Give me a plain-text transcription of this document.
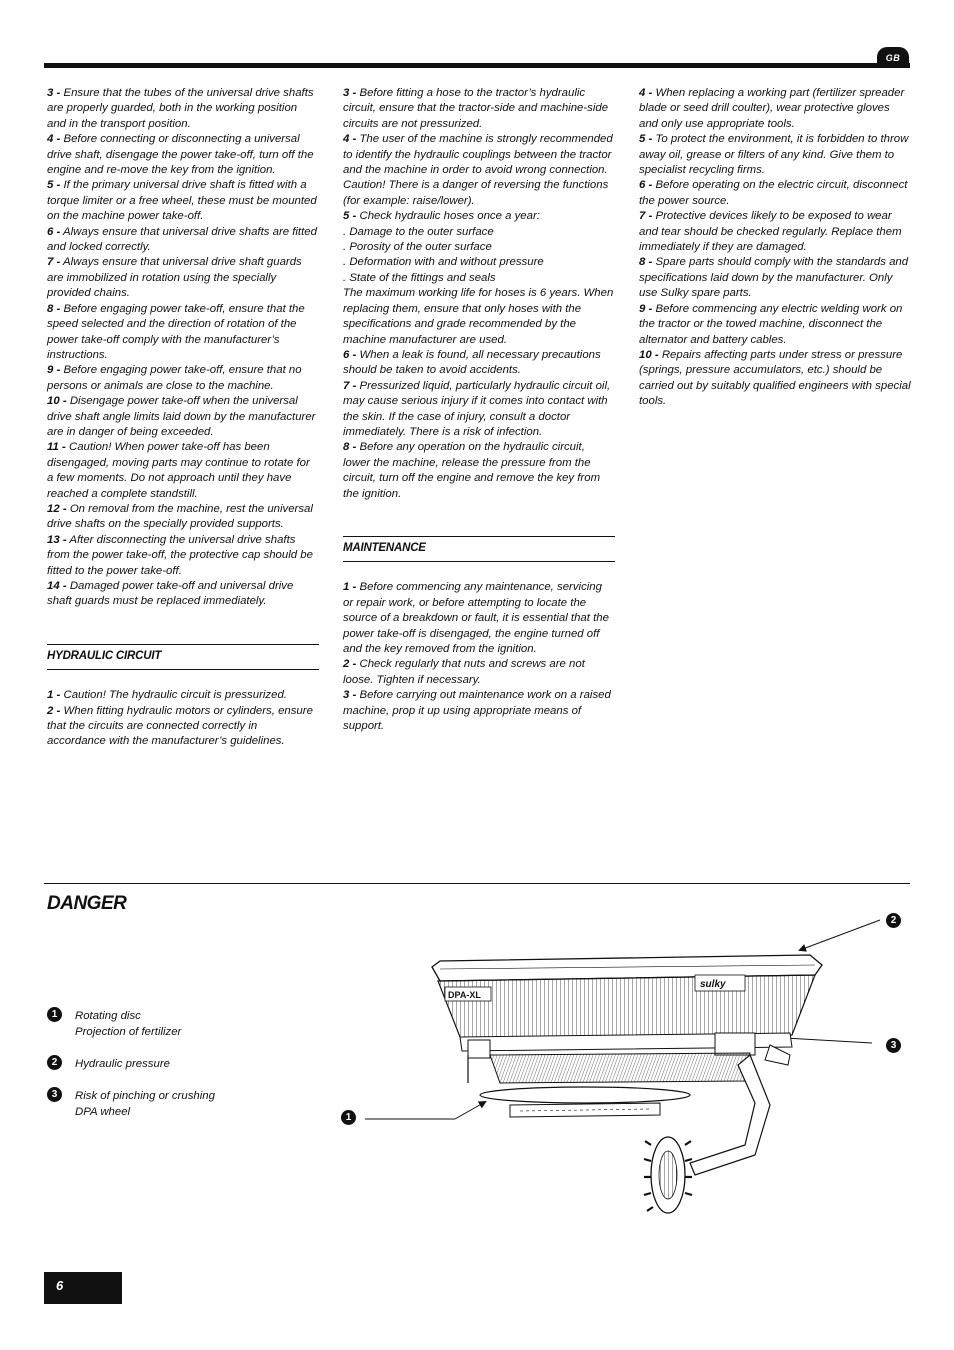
GB

3 - Ensure that the tubes of the universal drive shafts are properly guarded, both in the working position and in the transport position.

4 - Before connecting or disconnecting a universal drive shaft, disengage the power take-off, turn off the engine and re-move the key from the ignition.

5 - If the primary universal drive shaft is fitted with a torque limiter or a free wheel, these must be mounted on the machine power take-off.

6 - Always ensure that universal drive shafts are fitted and locked correctly.

7 - Always ensure that universal drive shaft guards are immobilized in rotation using the specially provided chains.

8 - Before engaging power take-off, ensure that the speed selected and the direction of rotation of the power take-off comply with the manufacturer’s instructions.

9 - Before engaging power take-off, ensure that no persons or animals are close to the machine.

10 - Disengage power take-off when the universal drive shaft angle limits laid down by the manufacturer are in danger of being exceeded.

11 - Caution! When power take-off has been disengaged, moving parts may continue to rotate for a few moments. Do not approach until they have reached a complete standstill.

12 - On removal from the machine, rest the universal drive shafts on the specially provided supports.

13 - After disconnecting the universal drive shafts from the power take-off, the protective cap should be fitted to the power take-off.

14 - Damaged power take-off and universal drive shaft guards must be replaced immediately.

HYDRAULIC CIRCUIT

1 - Caution! The hydraulic circuit is pressurized.

2 - When fitting hydraulic motors or cylinders, ensure that the circuits are connected correctly in accordance with the manufacturer’s guidelines.

3 - Before fitting a hose to the tractor’s hydraulic circuit, ensure that the tractor-side and machine-side circuits are not pressurized.

4 - The user of the machine is strongly recommended to identify the hydraulic couplings between the tractor and the machine in order to avoid wrong connection. Caution! There is a danger of reversing the functions (for example: raise/lower).

5 - Check hydraulic hoses once a year:

. Damage to the outer surface

. Porosity of the outer surface

. Deformation with and without pressure

. State of the fittings and seals

The maximum working life for hoses is 6 years. When replacing them, ensure that only hoses with the specifications and grade recommended by the machine manufacturer are used.

6 - When a leak is found, all necessary precautions should be taken to avoid accidents.

7 - Pressurized liquid, particularly hydraulic circuit oil, may cause serious injury if it comes into contact with the skin. If the case of injury, consult a doctor immediately. There is a risk of infection.

8 - Before any operation on the hydraulic circuit, lower the machine, release the pressure from the circuit, turn off the engine and remove the key from the ignition.

MAINTENANCE

1 - Before commencing any maintenance, servicing or repair work, or before attempting to locate the source of a breakdown or fault, it is essential that the power take-off is disengaged, the engine turned off and the key removed from the ignition.

2 - Check regularly that nuts and screws are not loose. Tighten if necessary.

3 - Before carrying out maintenance work on a raised machine, prop it up using appropriate means of support.

4 - When replacing a working part (fertilizer spreader blade or seed drill coulter), wear protective gloves and only use appropriate tools.

5 - To protect the environment, it is forbidden to throw away oil, grease or filters of any kind. Give them to specialist recycling firms.

6 - Before operating on the electric circuit, disconnect the power source.

7 - Protective devices likely to be exposed to wear and tear should be checked regularly. Replace them immediately if they are damaged.

8 - Spare parts should comply with the standards and specifications laid down by the manufacturer. Only use Sulky spare parts.

9 - Before commencing any electric welding work on the tractor or the towed machine, disconnect the alternator and battery cables.

10 - Repairs affecting parts under stress or pressure (springs, pressure accumulators, etc.) should be carried out by suitably qualified engineers with special tools.

DANGER
1	Rotating disc
Projection of fertilizer
2	Hydraulic pressure
3	Risk of pinching or crushing
DPA wheel
2
3
1
DPA-XL
sulky
6
